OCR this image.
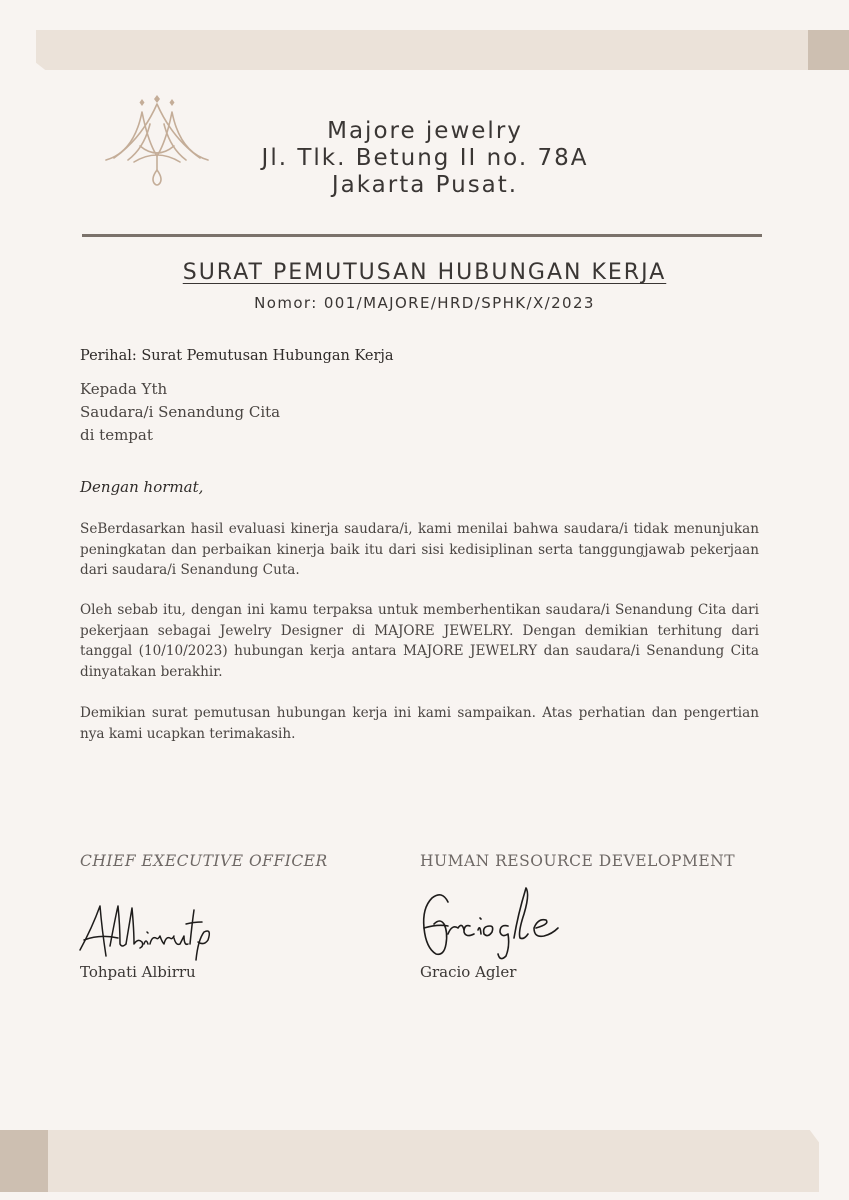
Majore jewelry
Jl. Tlk. Betung II no. 78A
Jakarta Pusat.
SURAT PEMUTUSAN HUBUNGAN KERJA
Nomor: 001/MAJORE/HRD/SPHK/X/2023
Perihal: Surat Pemutusan Hubungan Kerja
Kepada Yth
Saudara/i Senandung Cita
di tempat
Dengan hormat,

SeBerdasarkan hasil evaluasi kinerja saudara/i, kami menilai bahwa saudara/i tidak menunjukan peningkatan dan perbaikan kinerja baik itu dari sisi kedisiplinan serta tanggungjawab pekerjaan dari saudara/i Senandung Cuta.

Oleh sebab itu, dengan ini kamu terpaksa untuk memberhentikan saudara/i Senandung Cita dari pekerjaan sebagai Jewelry Designer di MAJORE JEWELRY. Dengan demikian terhitung dari tanggal (10/10/2023) hubungan kerja antara MAJORE JEWELRY dan saudara/i Senandung Cita dinyatakan berakhir.

Demikian surat pemutusan hubungan kerja ini kami sampaikan. Atas perhatian dan pengertian nya kami ucapkan terimakasih.

CHIEF EXECUTIVE OFFICER	HUMAN RESOURCE DEVELOPMENT
Tohpati Albirru	Gracio Agler
